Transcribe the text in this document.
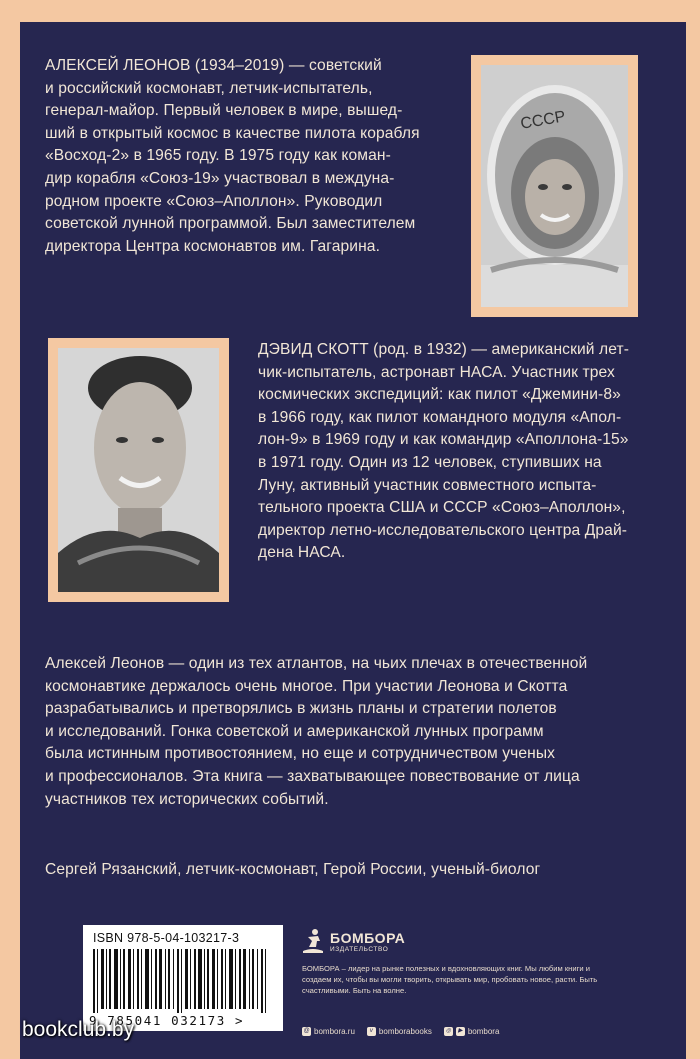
АЛЕКСЕЙ ЛЕОНОВ (1934–2019) — советский
и российский космонавт, летчик-испытатель,
генерал-майор. Первый человек в мире, вышед-
ший в открытый космос в качестве пилота корабля
«Восход-2» в 1965 году. В 1975 году как коман-
дир корабля «Союз-19» участвовал в междуна-
родном проекте «Союз–Аполлон». Руководил
советской лунной программой. Был заместителем
директора Центра космонавтов им. Гагарина.

СССР

ДЭВИД СКОТТ (род. в 1932) — американский лет-
чик-испытатель, астронавт НАСА. Участник трех
космических экспедиций: как пилот «Джемини-8»
в 1966 году, как пилот командного модуля «Апол-
лон-9» в 1969 году и как командир «Аполлона-15»
в 1971 году. Один из 12 человек, ступивших на
Луну, активный участник совместного испыта-
тельного проекта США и СССР «Союз–Аполлон»,
директор летно-исследовательского центра Драй-
дена НАСА.

Алексей Леонов — один из тех атлантов, на чьих плечах в отечественной
космонавтике держалось очень многое. При участии Леонова и Скотта
разрабатывались и претворялись в жизнь планы и стратегии полетов
и исследований. Гонка советской и американской лунных программ
была истинным противостоянием, но еще и сотрудничеством ученых
и профессионалов. Эта книга — захватывающее повествование от лица
участников тех исторических событий.

Сергей Рязанский, летчик-космонавт, Герой России, ученый-биолог

ISBN 978-5-04-103217-3
9 785041 032173 >
БОМБОРА
ИЗДАТЕЛЬСТВО
БОМБОРА – лидер на рынке полезных и вдохновляющих книг. Мы любим книги и создаем их, чтобы вы могли творить, открывать мир, пробовать новое, расти. Быть счастливыми. Быть на волне.
@ bombora.ru	v bomborabooks	◎	▶ bombora
bookclub.by
